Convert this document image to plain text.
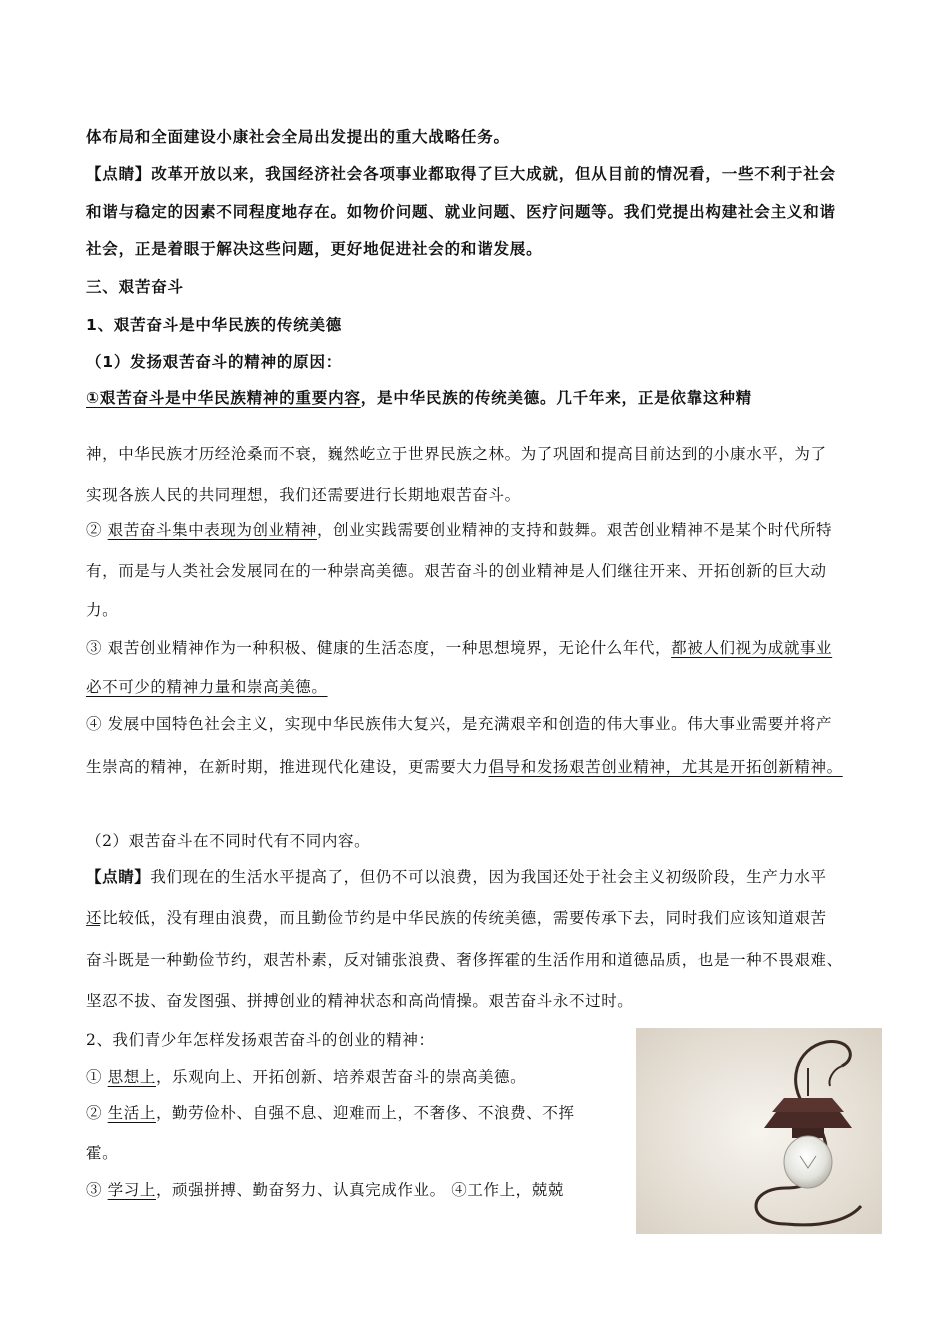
体布局和全面建设小康社会全局出发提出的重大战略任务。
【点睛】改革开放以来，我国经济社会各项事业都取得了巨大成就，但从目前的情况看，一些不利于社会
和谐与稳定的因素不同程度地存在。如物价问题、就业问题、医疗问题等。我们党提出构建社会主义和谐
社会，正是着眼于解决这些问题，更好地促进社会的和谐发展。
三、艰苦奋斗
1、艰苦奋斗是中华民族的传统美德
（1）发扬艰苦奋斗的精神的原因：
①艰苦奋斗是中华民族精神的重要内容，是中华民族的传统美德。几千年来，正是依靠这种精
神，中华民族才历经沧桑而不衰，巍然屹立于世界民族之林。为了巩固和提高目前达到的小康水平，为了
实现各族人民的共同理想，我们还需要进行长期地艰苦奋斗。
② 艰苦奋斗集中表现为创业精神，创业实践需要创业精神的支持和鼓舞。艰苦创业精神不是某个时代所特
有，而是与人类社会发展同在的一种崇高美德。艰苦奋斗的创业精神是人们继往开来、开拓创新的巨大动
力。
③ 艰苦创业精神作为一种积极、健康的生活态度，一种思想境界，无论什么年代，都被人们视为成就事业
必不可少的精神力量和崇高美德。
④ 发展中国特色社会主义，实现中华民族伟大复兴，是充满艰辛和创造的伟大事业。伟大事业需要并将产
生崇高的精神，在新时期，推进现代化建设，更需要大力倡导和发扬艰苦创业精神，尤其是开拓创新精神。
（2）艰苦奋斗在不同时代有不同内容。
【点睛】我们现在的生活水平提高了，但仍不可以浪费，因为我国还处于社会主义初级阶段，生产力水平
还比较低，没有理由浪费，而且勤俭节约是中华民族的传统美德，需要传承下去，同时我们应该知道艰苦
奋斗既是一种勤俭节约，艰苦朴素，反对铺张浪费、奢侈挥霍的生活作用和道德品质，也是一种不畏艰难、
坚忍不拔、奋发图强、拼搏创业的精神状态和高尚情操。艰苦奋斗永不过时。
2、我们青少年怎样发扬艰苦奋斗的创业的精神：
① 思想上，乐观向上、开拓创新、培养艰苦奋斗的崇高美德。
② 生活上，勤劳俭朴、自强不息、迎难而上，不奢侈、不浪费、不挥
霍。
③ 学习上，顽强拼搏、勤奋努力、认真完成作业。 ④工作上，兢兢
